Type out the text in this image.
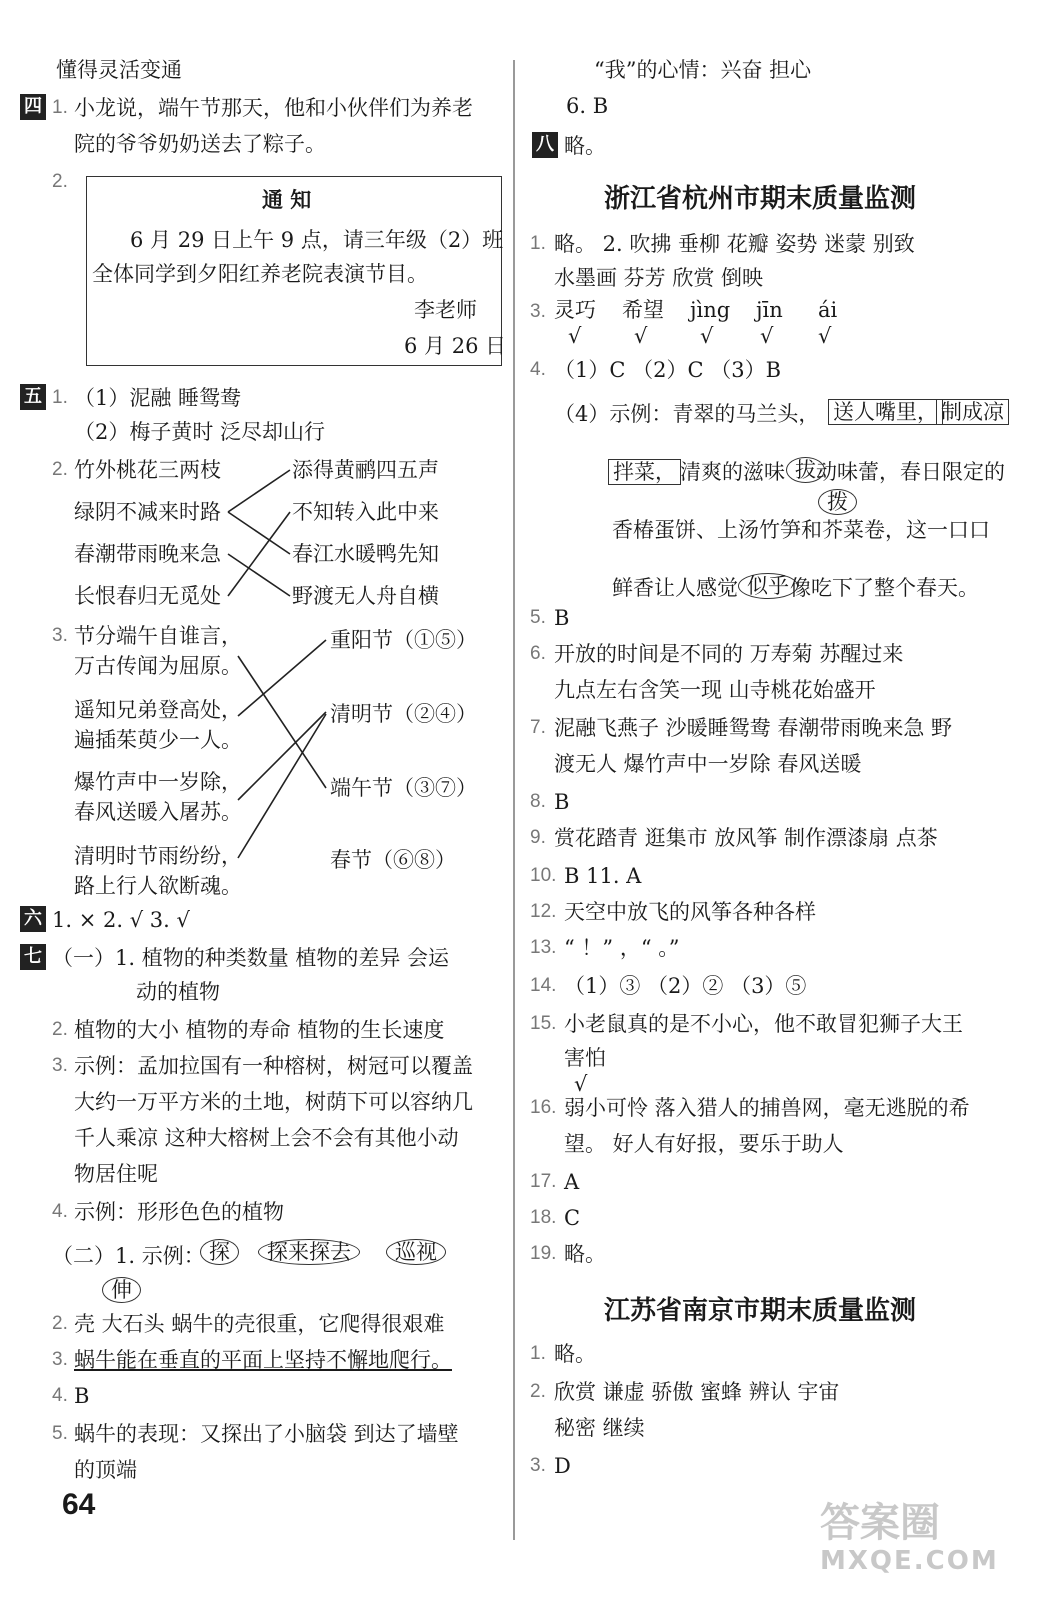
懂得灵活变通
四 1. 小龙说，端午节那天，他和小伙伴们为养老
院的爷爷奶奶送去了粽子。
2.
通 知
6 月 29 日上午 9 点，请三年级（2）班
全体同学到夕阳红养老院表演节目。
李老师
6 月 26 日
五 1. （1）泥融 睡鸳鸯
（2）梅子黄时 泛尽却山行
2. 竹外桃花三两枝
绿阴不减来时路
春潮带雨晚来急
长恨春归无觅处
添得黄鹂四五声
不知转入此中来
春江水暖鸭先知
野渡无人舟自横
3. 节分端午自谁言，
万古传闻为屈原。
遥知兄弟登高处，
遍插茱萸少一人。
爆竹声中一岁除，
春风送暖入屠苏。
清明时节雨纷纷，
路上行人欲断魂。
重阳节（①⑤）
清明节（②④）
端午节（③⑦）
春节（⑥⑧）
六 1. × 2. √ 3. √
七 （一）1. 植物的种类数量 植物的差异 会运
动的植物
2. 植物的大小 植物的寿命 植物的生长速度
3. 示例：孟加拉国有一种榕树，树冠可以覆盖
大约一万平方米的土地，树荫下可以容纳几
千人乘凉 这种大榕树上会不会有其他小动
物居住呢
4. 示例：形形色色的植物
（二）1. 示例： 探	探来探去	巡视
伸
2. 壳 大石头 蜗牛的壳很重，它爬得很艰难
3. 蜗牛能在垂直的平面上坚持不懈地爬行。
4. B
5. 蜗牛的表现：又探出了小脑袋 到达了墙壁
的顶端
64
“我”的心情：兴奋 担心
6. B
八 略。
浙江省杭州市期末质量监测
1. 略。 2. 吹拂 垂柳 花瓣 姿势 迷蒙 别致
水墨画 芬芳 欣赏 倒映
3. 灵巧 希望 jìng jīn ái
√	√	√ √ √
4. （1）C （2）C （3）B
（4）示例：青翠的马兰头， 送人嘴里， 制成凉
拌菜， 清爽的滋味 拔 动味蕾，春日限定的
拨
香椿蛋饼、上汤竹笋和芥菜卷，这一口口
鲜香让人感觉 似乎 像吃下了整个春天。
5. B
6. 开放的时间是不同的 万寿菊 苏醒过来
九点左右含笑一现 山寺桃花始盛开
7. 泥融飞燕子 沙暖睡鸳鸯 春潮带雨晚来急 野
渡无人 爆竹声中一岁除 春风送暖
8. B
9. 赏花踏青 逛集市 放风筝 制作漂漆扇 点茶
10. B 11. A
12. 天空中放飞的风筝各种各样
13. “ ！” ，“ 。”
14. （1）③ （2）② （3）⑤
15. 小老鼠真的是不小心，他不敢冒犯狮子大王
害怕
√
16. 弱小可怜 落入猎人的捕兽网，毫无逃脱的希
望。 好人有好报，要乐于助人
17. A
18. C
19. 略。
江苏省南京市期末质量监测
1. 略。
2. 欣赏 谦虚 骄傲 蜜蜂 辨认 宇宙
秘密 继续
3. D
答案圈
MXQE.COM
